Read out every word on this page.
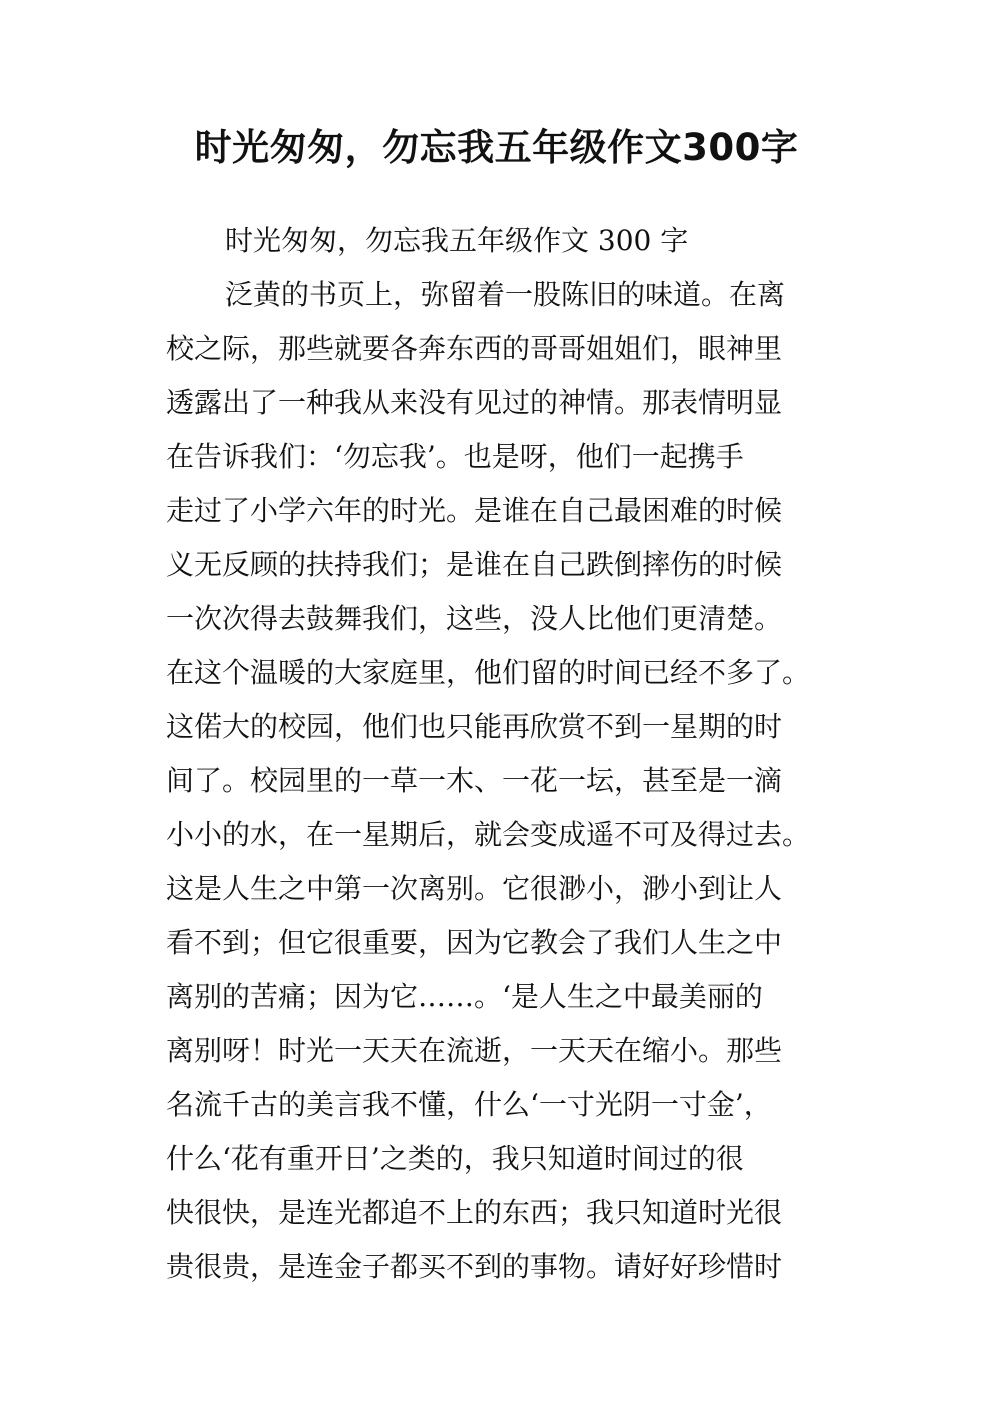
时光匆匆，勿忘我五年级作文300字
时光匆匆，勿忘我五年级作文 300 字
泛黄的书页上，弥留着一股陈旧的味道。在离
校之际，那些就要各奔东西的哥哥姐姐们，眼神里
透露出了一种我从来没有见过的神情。那表情明显
在告诉我们：‘勿忘我’。也是呀，他们一起携手
走过了小学六年的时光。是谁在自己最困难的时候
义无反顾的扶持我们；是谁在自己跌倒摔伤的时候
一次次得去鼓舞我们，这些，没人比他们更清楚。
在这个温暖的大家庭里，他们留的时间已经不多了。
这偌大的校园，他们也只能再欣赏不到一星期的时
间了。校园里的一草一木、一花一坛，甚至是一滴
小小的水，在一星期后，就会变成遥不可及得过去。
这是人生之中第一次离别。它很渺小，渺小到让人
看不到；但它很重要，因为它教会了我们人生之中
离别的苦痛；因为它……。‘是人生之中最美丽的
离别呀！时光一天天在流逝，一天天在缩小。那些
名流千古的美言我不懂，什么‘一寸光阴一寸金’，
什么‘花有重开日’之类的，我只知道时间过的很
快很快，是连光都追不上的东西；我只知道时光很
贵很贵，是连金子都买不到的事物。请好好珍惜时
